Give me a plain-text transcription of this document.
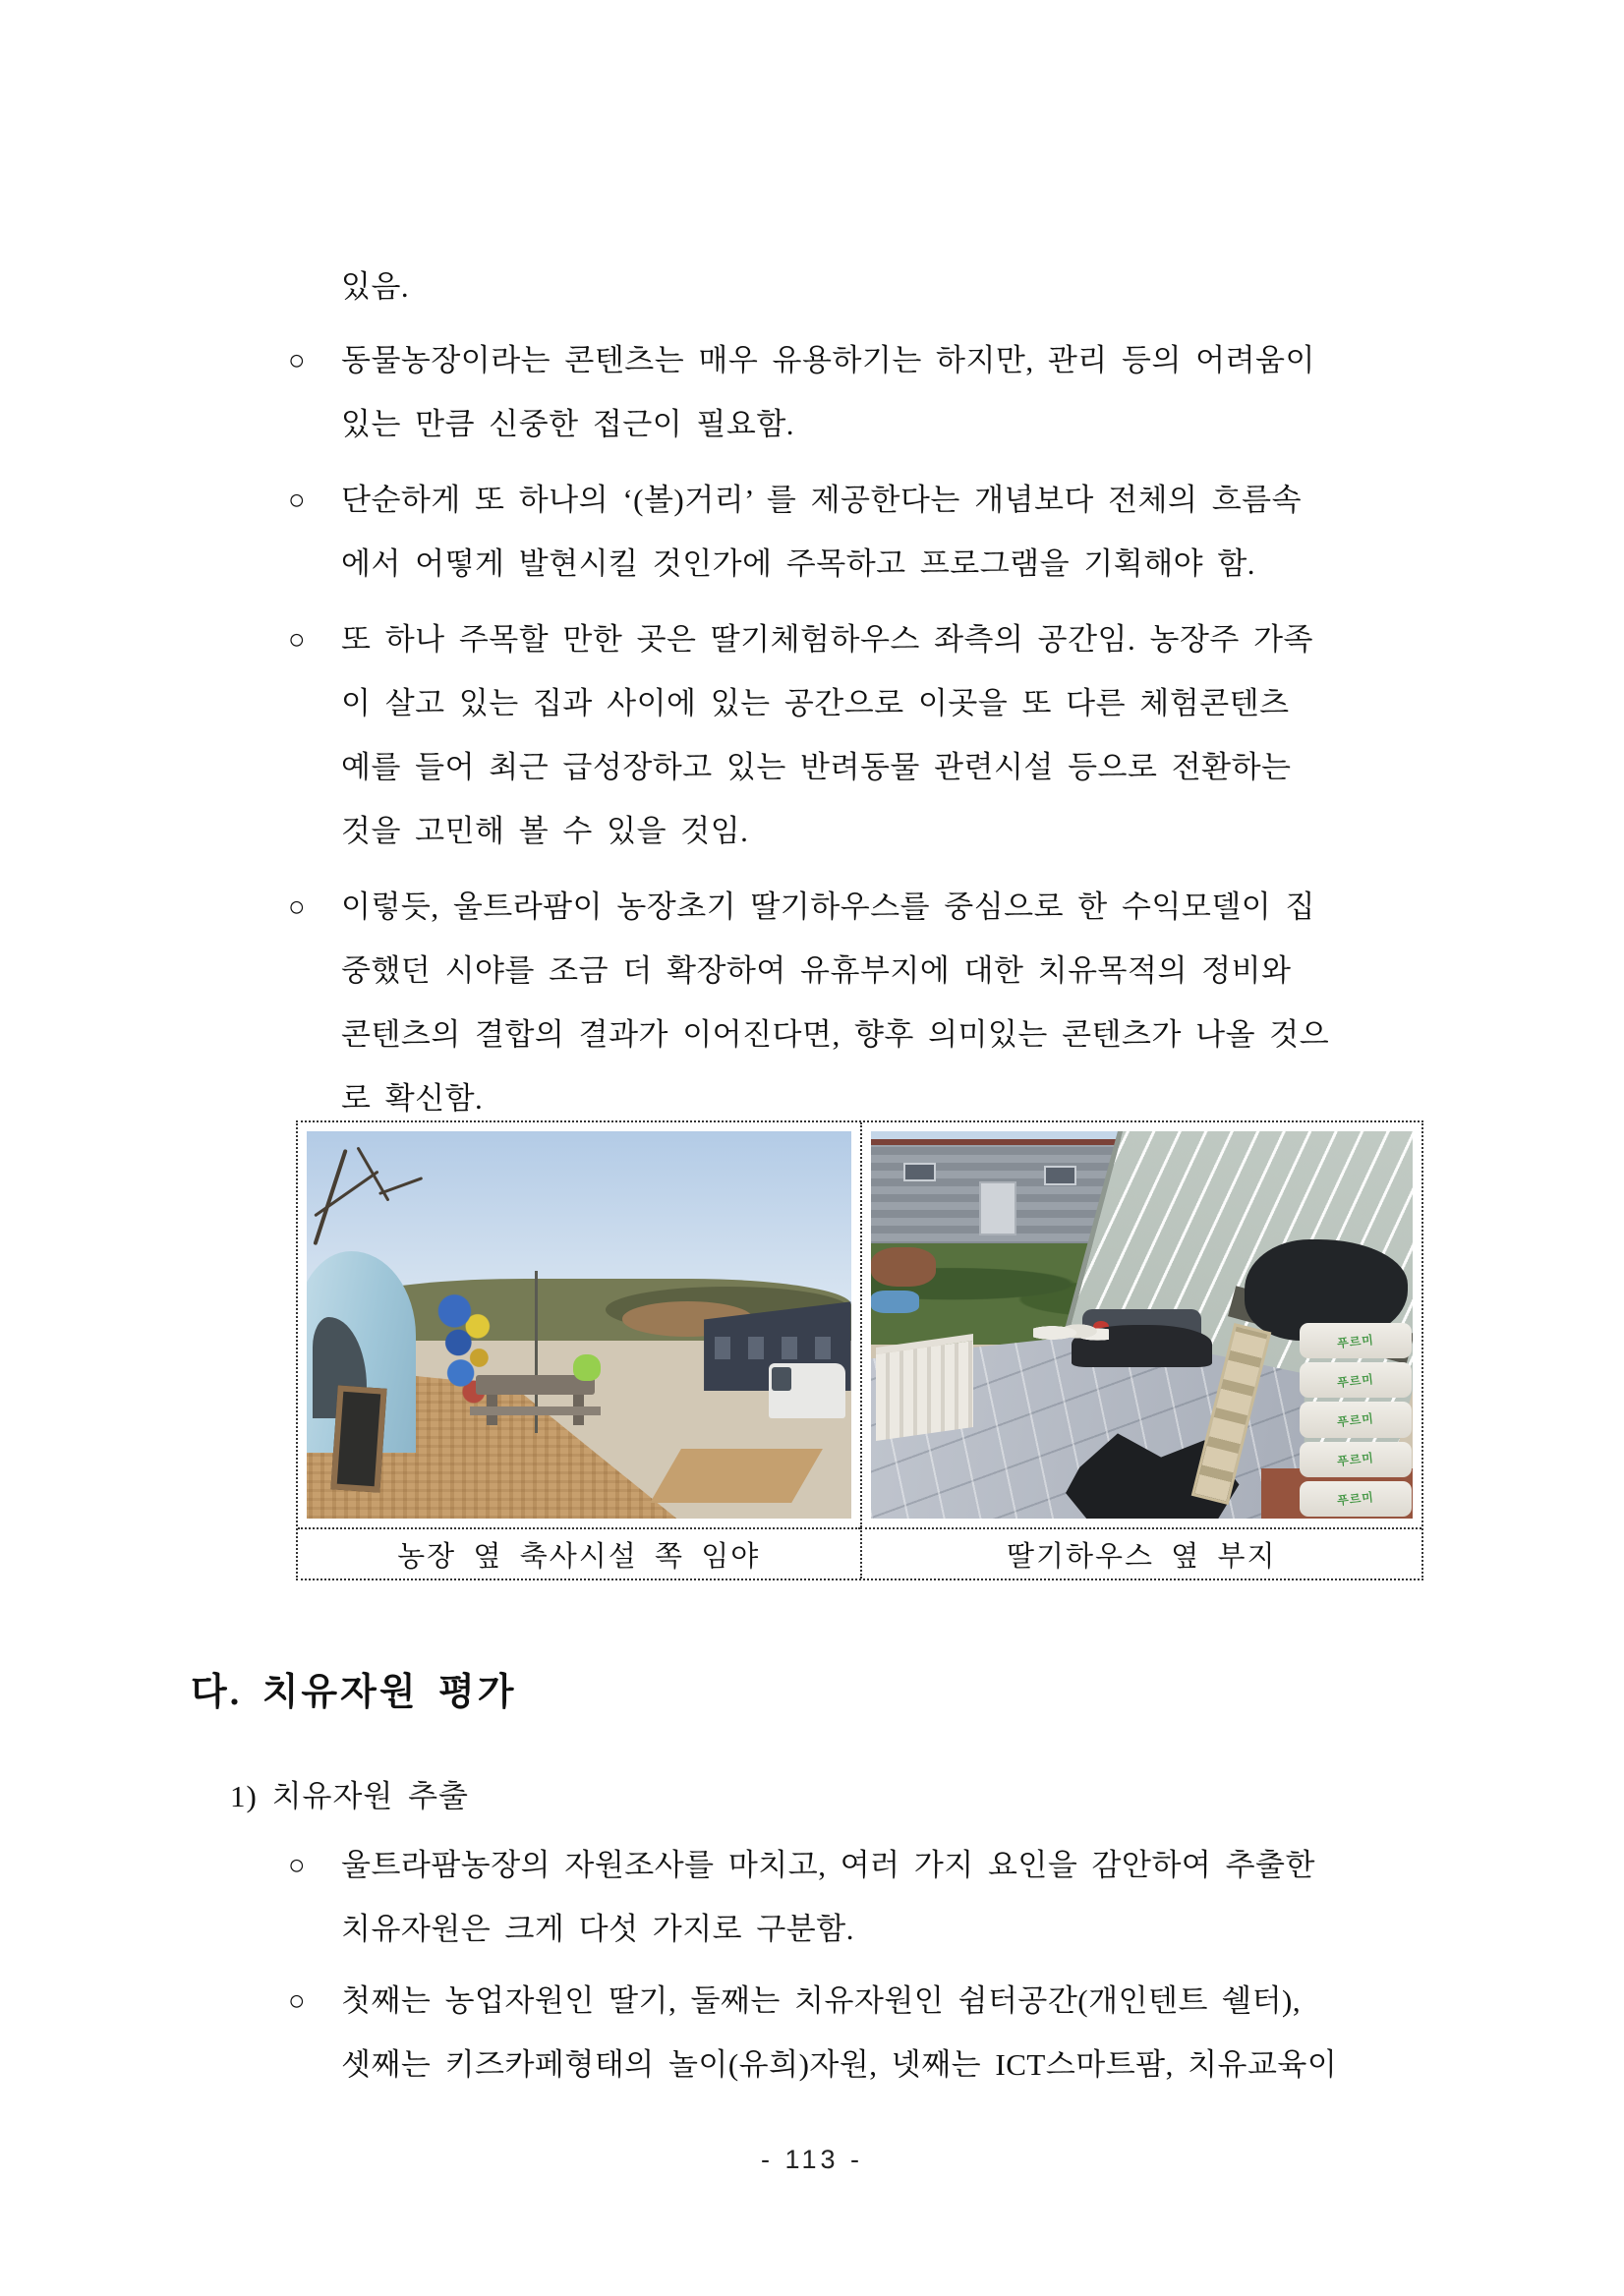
있음.
○ 동물농장이라는 콘텐츠는 매우 유용하기는 하지만, 관리 등의 어려움이
있는 만큼 신중한 접근이 필요함.
○ 단순하게 또 하나의 ‘(볼)거리’ 를 제공한다는 개념보다 전체의 흐름속
에서 어떻게 발현시킬 것인가에 주목하고 프로그램을 기획해야 함.
○ 또 하나 주목할 만한 곳은 딸기체험하우스 좌측의 공간임. 농장주 가족
이 살고 있는 집과 사이에 있는 공간으로 이곳을 또 다른 체험콘텐츠
예를 들어 최근 급성장하고 있는 반려동물 관련시설 등으로 전환하는
것을 고민해 볼 수 있을 것임.
○ 이렇듯, 울트라팜이 농장초기 딸기하우스를 중심으로 한 수익모델이 집
중했던 시야를 조금 더 확장하여 유휴부지에 대한 치유목적의 정비와
콘텐츠의 결합의 결과가 이어진다면, 향후 의미있는 콘텐츠가 나올 것으
로 확신함.
푸르미
푸르미
푸르미
푸르미
푸르미
농장 옆 축사시설 쪽 임야	딸기하우스 옆 부지
다. 치유자원 평가
1) 치유자원 추출
○ 울트라팜농장의 자원조사를 마치고, 여러 가지 요인을 감안하여 추출한
치유자원은 크게 다섯 가지로 구분함.
○ 첫째는 농업자원인 딸기, 둘째는 치유자원인 쉼터공간(개인텐트 쉘터),
셋째는 키즈카페형태의 놀이(유희)자원, 넷째는 ICT스마트팜, 치유교육이
- 113 -
